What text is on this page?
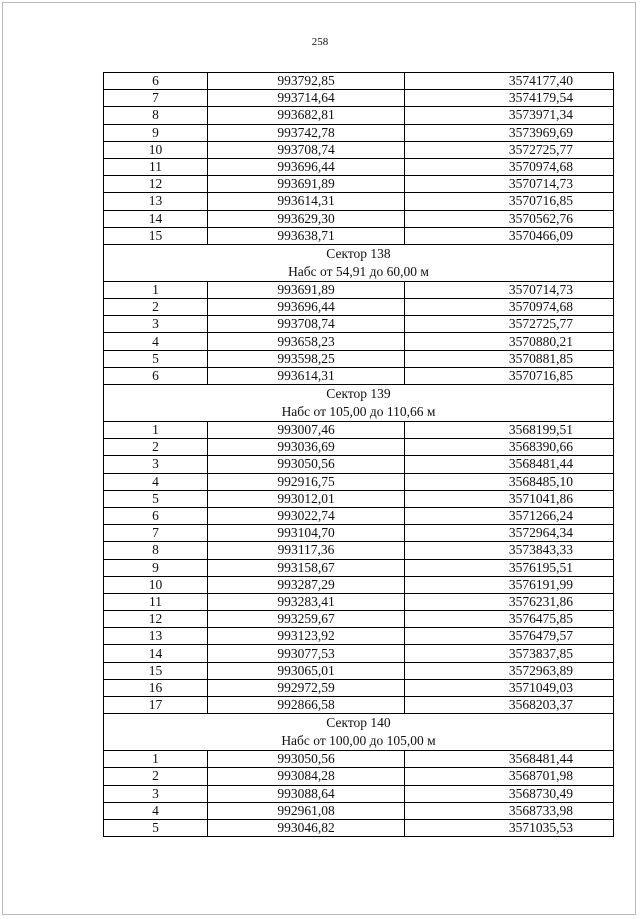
258
6	993792,85	3574177,40
7	993714,64	3574179,54
8	993682,81	3573971,34
9	993742,78	3573969,69
10	993708,74	3572725,77
11	993696,44	3570974,68
12	993691,89	3570714,73
13	993614,31	3570716,85
14	993629,30	3570562,76
15	993638,71	3570466,09

Сектор 138
Набс от 54,91 до 60,00 м		

1	993691,89	3570714,73
2	993696,44	3570974,68
3	993708,74	3572725,77
4	993658,23	3570880,21
5	993598,25	3570881,85
6	993614,31	3570716,85

Сектор 139
Набс от 105,00 до 110,66 м		

1	993007,46	3568199,51
2	993036,69	3568390,66
3	993050,56	3568481,44
4	992916,75	3568485,10
5	993012,01	3571041,86
6	993022,74	3571266,24
7	993104,70	3572964,34
8	993117,36	3573843,33
9	993158,67	3576195,51
10	993287,29	3576191,99
11	993283,41	3576231,86
12	993259,67	3576475,85
13	993123,92	3576479,57
14	993077,53	3573837,85
15	993065,01	3572963,89
16	992972,59	3571049,03
17	992866,58	3568203,37

Сектор 140
Набс от 100,00 до 105,00 м		

1	993050,56	3568481,44
2	993084,28	3568701,98
3	993088,64	3568730,49
4	992961,08	3568733,98
5	993046,82	3571035,53
